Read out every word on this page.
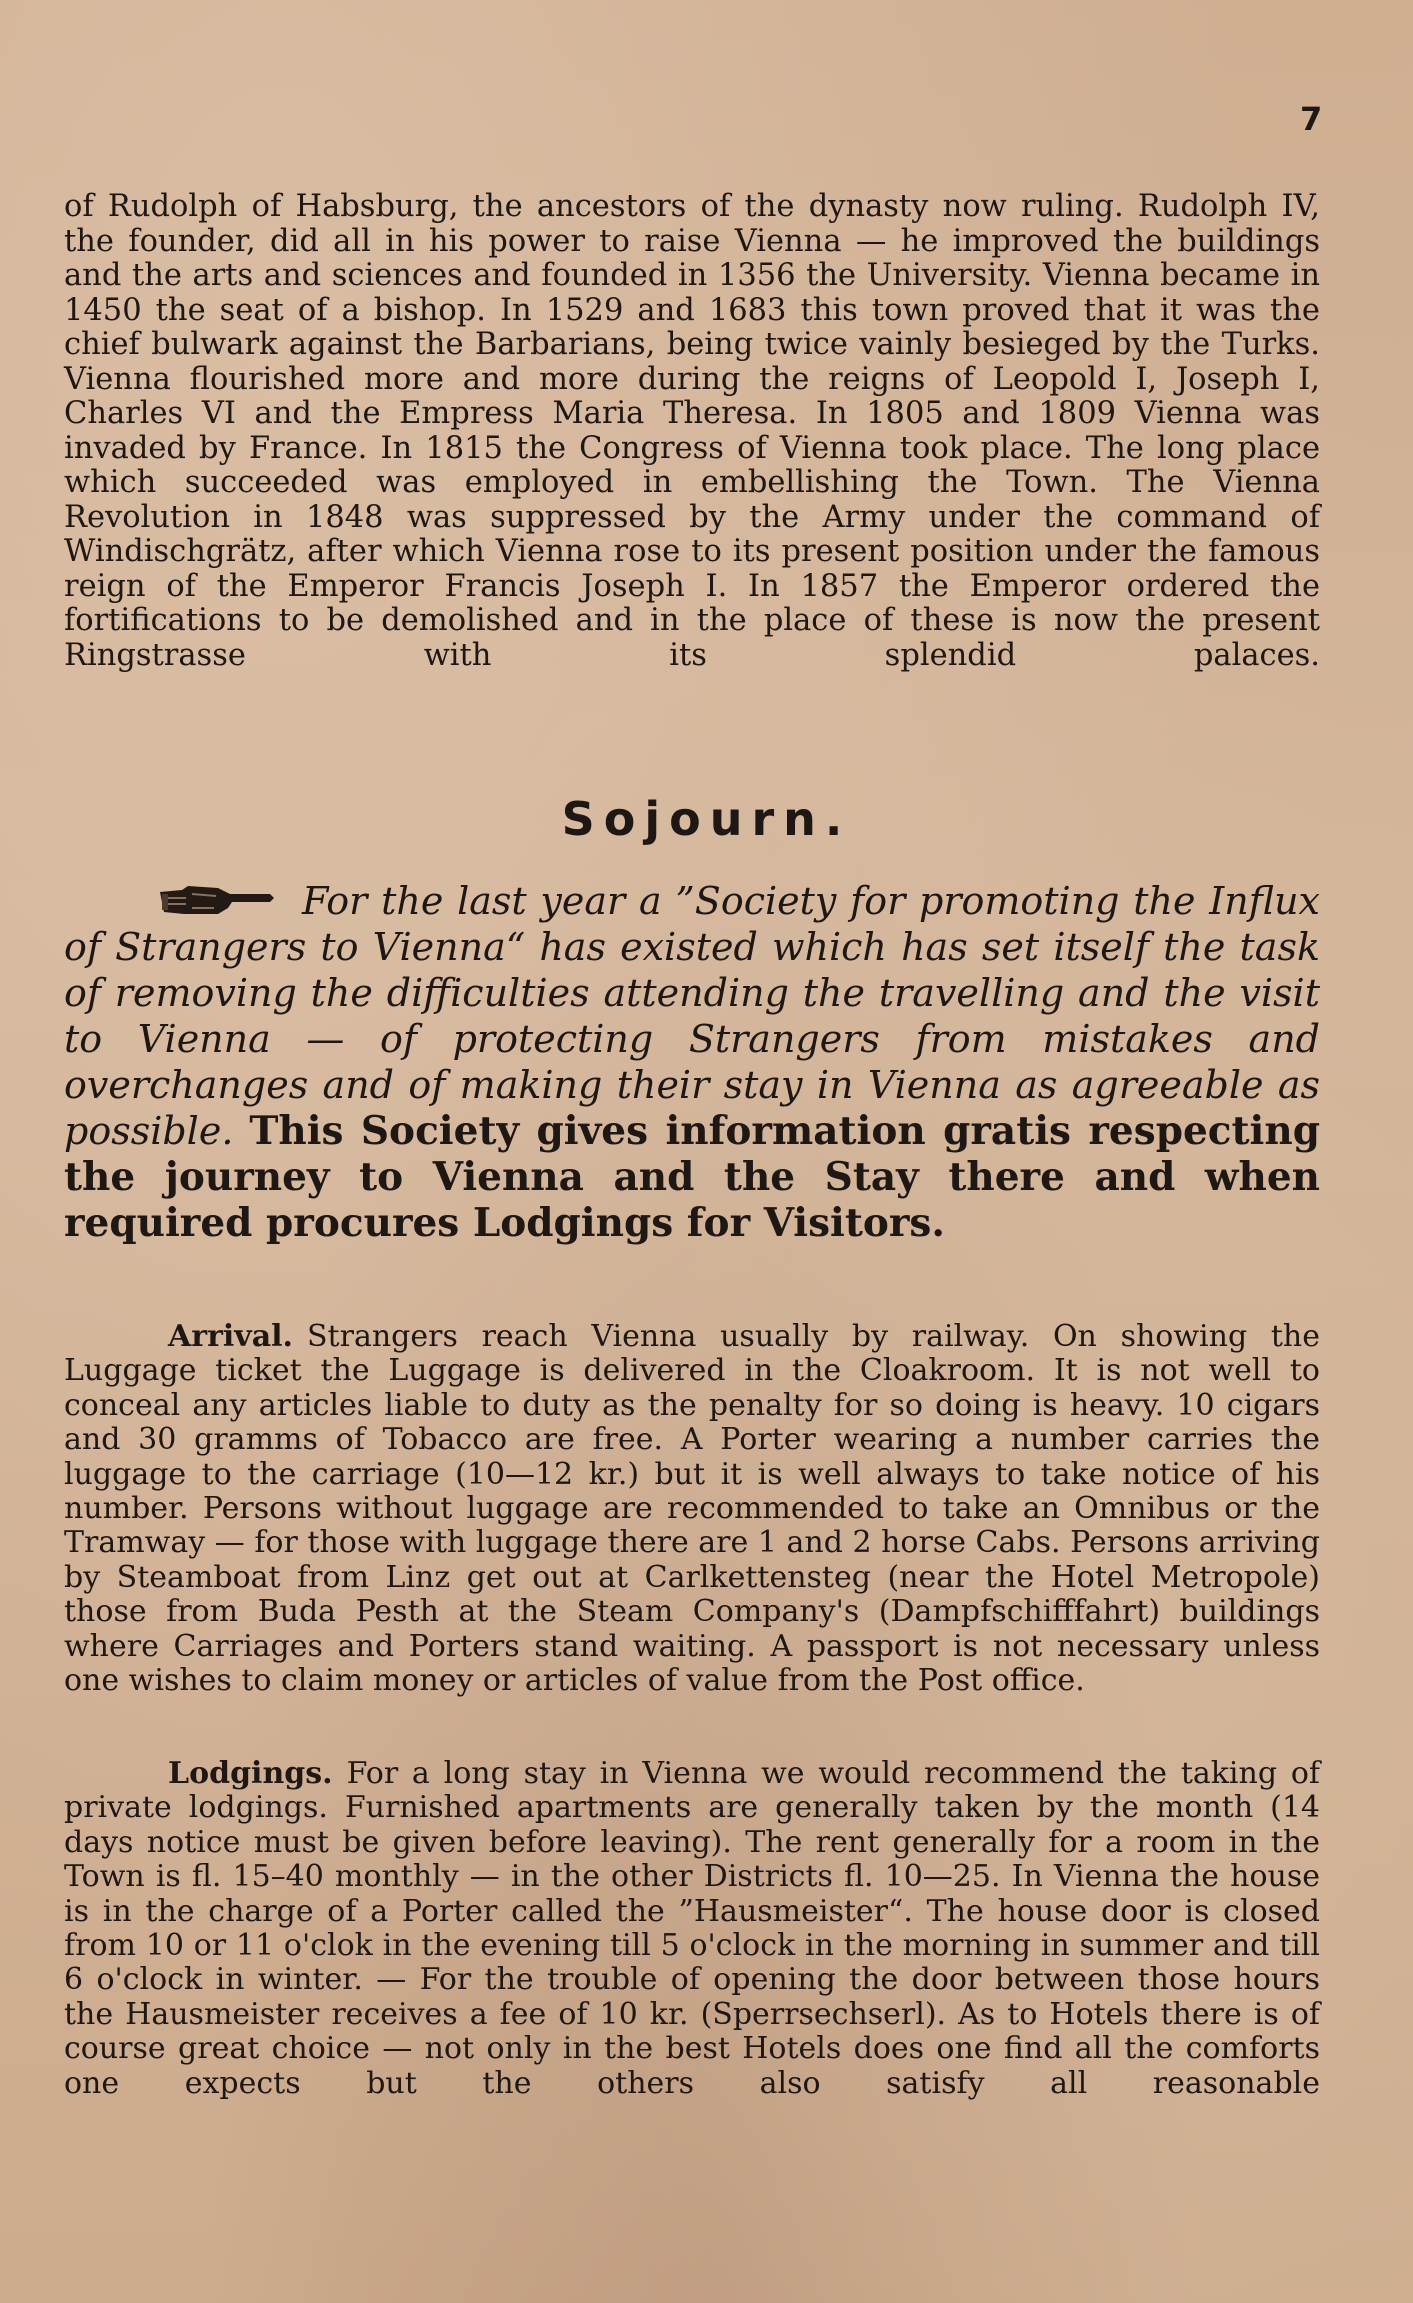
7

of Rudolph of Habsburg, the ancestors of the dynasty now ruling. Rudolph IV, the founder, did all in his power to raise Vienna — he improved the buildings and the arts and sciences and founded in 1356 the University. Vienna became in 1450 the seat of a bishop. In 1529 and 1683 this town proved that it was the chief bulwark against the Barbarians, being twice vainly besieged by the Turks. Vienna flourished more and more during the reigns of Leopold I, Joseph I, Charles VI and the Empress Maria Theresa. In 1805 and 1809 Vienna was invaded by France. In 1815 the Congress of Vienna took place. The long place which succeeded was employed in embellishing the Town. The Vienna Revolution in 1848 was suppressed by the Army under the command of Windischgrätz, after which Vienna rose to its present position under the famous reign of the Emperor Francis Joseph I. In 1857 the Emperor ordered the fortifications to be demolished and in the place of these is now the present Ringstrasse with its splendid palaces.

Sojourn.

For the last year a ”Society for promoting the Influx of Strangers to Vienna“ has existed which has set itself the task of removing the difficulties attending the travelling and the visit to Vienna — of protecting Strangers from mistakes and overchanges and of making their stay in Vienna as agreeable as possible. This Society gives information gratis respecting the journey to Vienna and the Stay there and when required procures Lodgings for Visitors.

Arrival. Strangers reach Vienna usually by railway. On showing the Luggage ticket the Luggage is delivered in the Cloakroom. It is not well to conceal any articles liable to duty as the penalty for so doing is heavy. 10 cigars and 30 gramms of Tobacco are free. A Porter wearing a number carries the luggage to the carriage (10—12 kr.) but it is well always to take notice of his number. Persons without luggage are recommended to take an Omnibus or the Tramway — for those with luggage there are 1 and 2 horse Cabs. Persons arriving by Steamboat from Linz get out at Carlkettensteg (near the Hotel Metropole) those from Buda Pesth at the Steam Company's (Dampfschifffahrt) buildings where Carriages and Porters stand waiting. A passport is not necessary unless one wishes to claim money or articles of value from the Post office.

Lodgings. For a long stay in Vienna we would recommend the taking of private lodgings. Furnished apartments are generally taken by the month (14 days notice must be given before leaving). The rent generally for a room in the Town is fl. 15–40 monthly — in the other Districts fl. 10—25. In Vienna the house is in the charge of a Porter called the ”Hausmeister“. The house door is closed from 10 or 11 o'clok in the evening till 5 o'clock in the morning in summer and till 6 o'clock in winter. — For the trouble of opening the door between those hours the Hausmeister receives a fee of 10 kr. (Sperrsechserl). As to Hotels there is of course great choice — not only in the best Hotels does one find all the comforts one expects but the others also satisfy all reasonable
